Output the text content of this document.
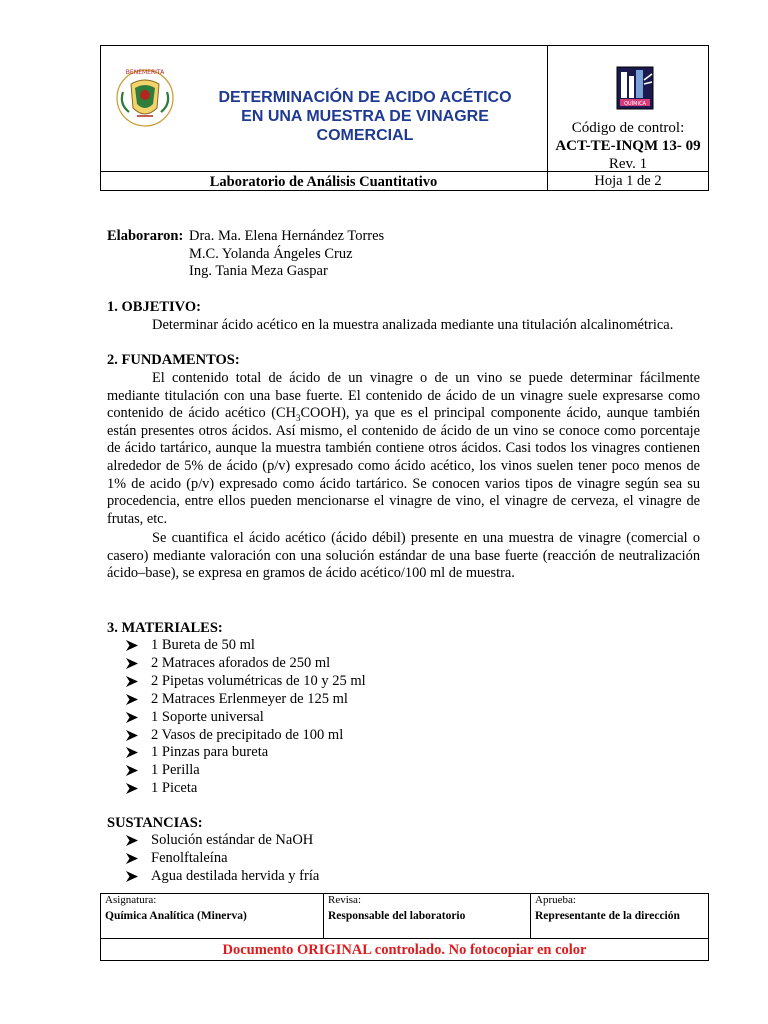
BENEMERITA
DETERMINACIÓN DE ACIDO ACÉTICO
EN UNA MUESTRA DE VINAGRE
COMERCIAL
QUÍMICA
Código de control:
ACT-TE-INQM 13- 09
Rev. 1
Laboratorio de Análisis Cuantitativo	Hoja 1 de 2
Elaboraron: Dra. Ma. Elena Hernández Torres
M.C. Yolanda Ángeles Cruz
Ing. Tania Meza Gaspar
1. OBJETIVO:
Determinar ácido acético en la muestra analizada mediante una titulación alcalinométrica.
2. FUNDAMENTOS:
El contenido total de ácido de un vinagre o de un vino se puede determinar fácilmente mediante titulación con una base fuerte. El contenido de ácido de un vinagre suele expresarse como contenido de ácido acético $(CH_3COOH)$, ya que es el principal componente ácido, aunque también están presentes otros ácidos. Así mismo, el contenido de ácido de un vino se conoce como porcentaje de ácido tartárico, aunque la muestra también contiene otros ácidos. Casi todos los vinagres contienen alrededor de 5% de ácido (p/v) expresado como ácido acético, los vinos suelen tener poco menos de 1% de acido (p/v) expresado como ácido tartárico. Se conocen varios tipos de vinagre según sea su procedencia, entre ellos pueden mencionarse el vinagre de vino, el vinagre de cerveza, el vinagre de frutas, etc.
Se cuantifica el ácido acético (ácido débil) presente en una muestra de vinagre (comercial o casero) mediante valoración con una solución estándar de una base fuerte (reacción de neutralización ácido–base), se expresa en gramos de ácido acético/100 ml de muestra.
3. MATERIALES:
1 Bureta de 50 ml
2 Matraces aforados de 250 ml
2 Pipetas volumétricas de 10 y 25 ml
2 Matraces Erlenmeyer de 125 ml
1 Soporte universal
2 Vasos de precipitado de 100 ml
1 Pinzas para bureta
1 Perilla
1 Piceta
SUSTANCIAS:
Solución estándar de NaOH
Fenolftaleína
Agua destilada hervida y fría
Asignatura:
Química Analítica (Minerva)
Revisa:
Responsable del laboratorio
Aprueba:
Representante de la dirección
Documento ORIGINAL controlado. No fotocopiar en color
